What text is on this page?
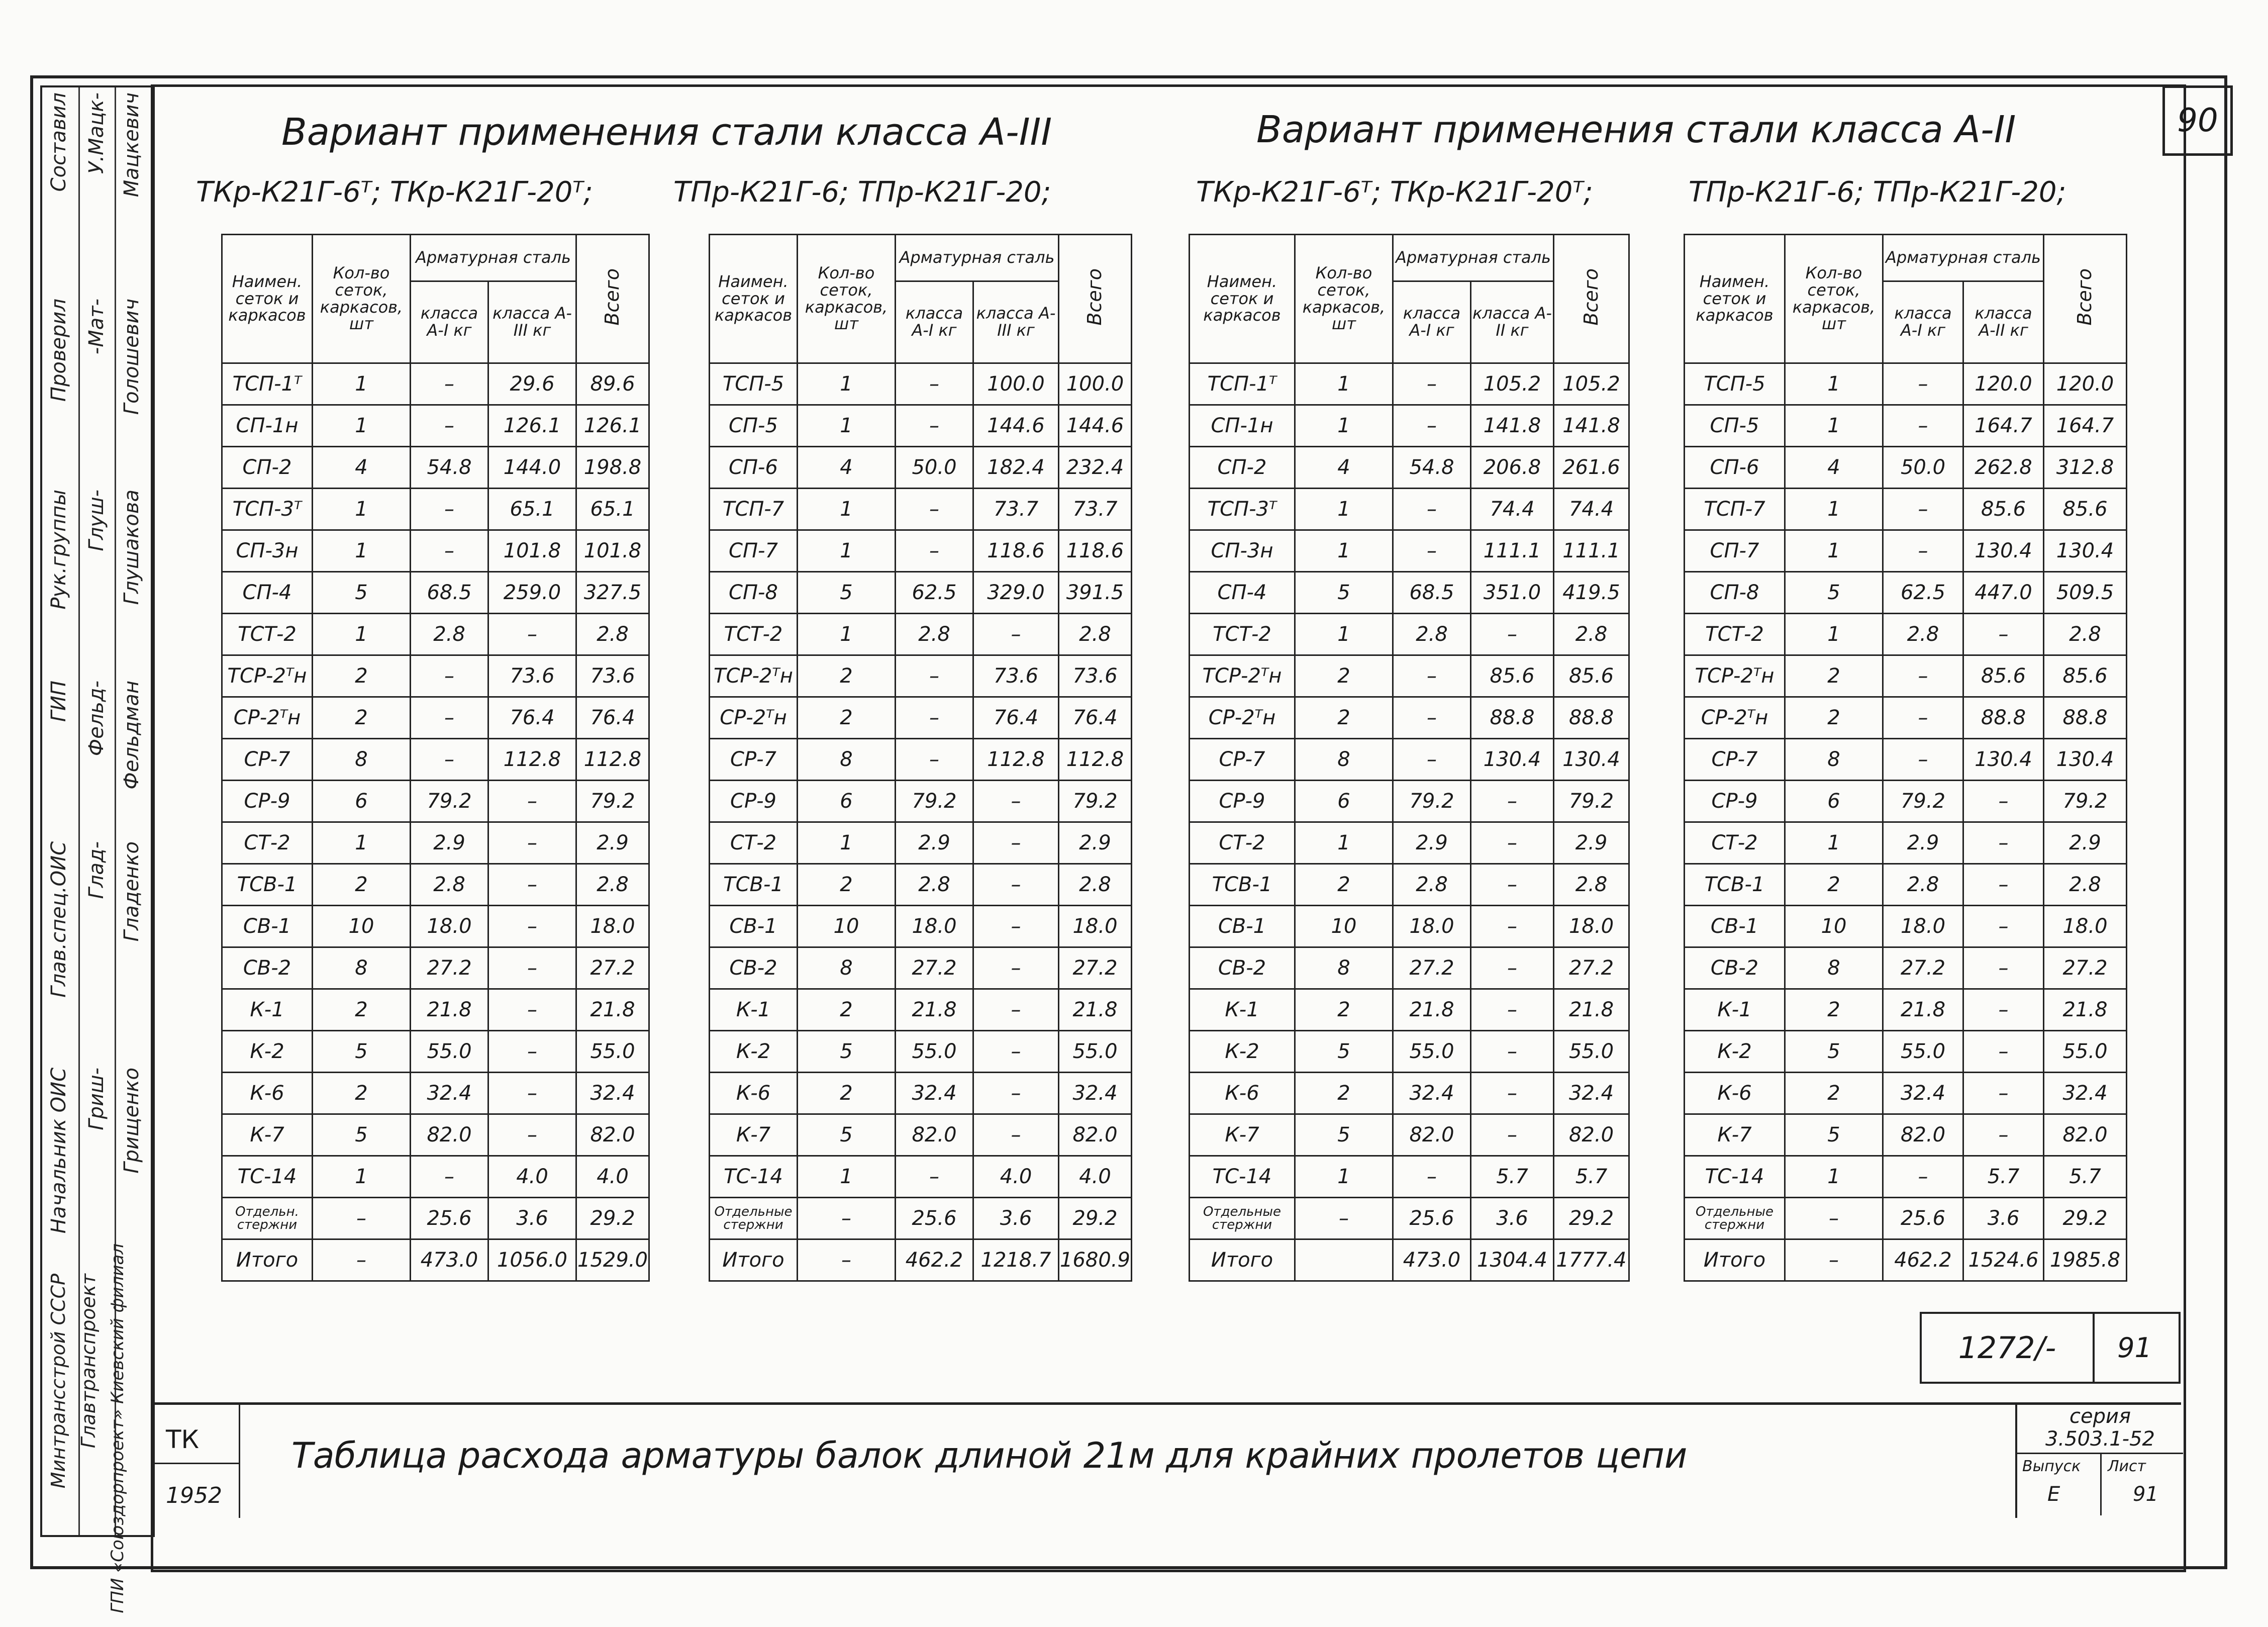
Составил У.Мацк- Мацкевич
Проверил -Мат- Голошевич
Рук.группы Глуш- Глушакова
ГИП Фельд- Фельдман
Глав.спец.ОИС Глад- Гладенко
Начальник ОИС Гриш- Грищенко
Минтрансстрой СССР Главтранспроект ГПИ «Союздорпроект» Киевский филиал
90
Вариант применения стали класса А-III	Вариант применения стали класса А-II
ТКр-К21Г-6ᵀ; ТКр-К21Г-20ᵀ;	ТПр-К21Г-6; ТПр-К21Г-20;	ТКр-К21Г-6ᵀ; ТКр-К21Г-20ᵀ;	ТПр-К21Г-6; ТПр-К21Г-20;
Наимен. сеток и каркасов	Кол-во сеток, каркасов, шт	Арматурная сталь		Всего
		класса А-I кг	класса А-III кг	
ТСП-1ᵀ	1	–	29.6	89.6
СП-1н	1	–	126.1	126.1
СП-2	4	54.8	144.0	198.8
ТСП-3ᵀ	1	–	65.1	65.1
СП-3н	1	–	101.8	101.8
СП-4	5	68.5	259.0	327.5
ТСТ-2	1	2.8	–	2.8
ТСР-2ᵀн	2	–	73.6	73.6
СР-2ᵀн	2	–	76.4	76.4
СР-7	8	–	112.8	112.8
СР-9	6	79.2	–	79.2
СТ-2	1	2.9	–	2.9
ТСВ-1	2	2.8	–	2.8
СВ-1	10	18.0	–	18.0
СВ-2	8	27.2	–	27.2
К-1	2	21.8	–	21.8
К-2	5	55.0	–	55.0
К-6	2	32.4	–	32.4
К-7	5	82.0	–	82.0
ТС-14	1	–	4.0	4.0
Отдельн. стержни	–	25.6	3.6	29.2
Итого	–	473.0	1056.0	1529.0
Наимен. сеток и каркасов	Кол-во сеток, каркасов, шт	Арматурная сталь		Всего
		класса А-I кг	класса А-III кг	
ТСП-5	1	–	100.0	100.0
СП-5	1	–	144.6	144.6
СП-6	4	50.0	182.4	232.4
ТСП-7	1	–	73.7	73.7
СП-7	1	–	118.6	118.6
СП-8	5	62.5	329.0	391.5
ТСТ-2	1	2.8	–	2.8
ТСР-2ᵀн	2	–	73.6	73.6
СР-2ᵀн	2	–	76.4	76.4
СР-7	8	–	112.8	112.8
СР-9	6	79.2	–	79.2
СТ-2	1	2.9	–	2.9
ТСВ-1	2	2.8	–	2.8
СВ-1	10	18.0	–	18.0
СВ-2	8	27.2	–	27.2
К-1	2	21.8	–	21.8
К-2	5	55.0	–	55.0
К-6	2	32.4	–	32.4
К-7	5	82.0	–	82.0
ТС-14	1	–	4.0	4.0
Отдельные стержни	–	25.6	3.6	29.2
Итого	–	462.2	1218.7	1680.9
Наимен. сеток и каркасов	Кол-во сеток, каркасов, шт	Арматурная сталь		Всего
		класса А-I кг	класса А-II кг	
ТСП-1ᵀ	1	–	105.2	105.2
СП-1н	1	–	141.8	141.8
СП-2	4	54.8	206.8	261.6
ТСП-3ᵀ	1	–	74.4	74.4
СП-3н	1	–	111.1	111.1
СП-4	5	68.5	351.0	419.5
ТСТ-2	1	2.8	–	2.8
ТСР-2ᵀн	2	–	85.6	85.6
СР-2ᵀн	2	–	88.8	88.8
СР-7	8	–	130.4	130.4
СР-9	6	79.2	–	79.2
СТ-2	1	2.9	–	2.9
ТСВ-1	2	2.8	–	2.8
СВ-1	10	18.0	–	18.0
СВ-2	8	27.2	–	27.2
К-1	2	21.8	–	21.8
К-2	5	55.0	–	55.0
К-6	2	32.4	–	32.4
К-7	5	82.0	–	82.0
ТС-14	1	–	5.7	5.7
Отдельные стержни	–	25.6	3.6	29.2
Итого		473.0	1304.4	1777.4
Наимен. сеток и каркасов	Кол-во сеток, каркасов, шт	Арматурная сталь		Всего
		класса А-I кг	класса А-II кг	
ТСП-5	1	–	120.0	120.0
СП-5	1	–	164.7	164.7
СП-6	4	50.0	262.8	312.8
ТСП-7	1	–	85.6	85.6
СП-7	1	–	130.4	130.4
СП-8	5	62.5	447.0	509.5
ТСТ-2	1	2.8	–	2.8
ТСР-2ᵀн	2	–	85.6	85.6
СР-2ᵀн	2	–	88.8	88.8
СР-7	8	–	130.4	130.4
СР-9	6	79.2	–	79.2
СТ-2	1	2.9	–	2.9
ТСВ-1	2	2.8	–	2.8
СВ-1	10	18.0	–	18.0
СВ-2	8	27.2	–	27.2
К-1	2	21.8	–	21.8
К-2	5	55.0	–	55.0
К-6	2	32.4	–	32.4
К-7	5	82.0	–	82.0
ТС-14	1	–	5.7	5.7
Отдельные стержни	–	25.6	3.6	29.2
Итого	–	462.2	1524.6	1985.8
1272/-	91
ТК
1952
Таблица расхода арматуры балок длиной 21м для крайних пролетов цепи
серия
3.503.1-52
Выпуск Лист
Е	91
